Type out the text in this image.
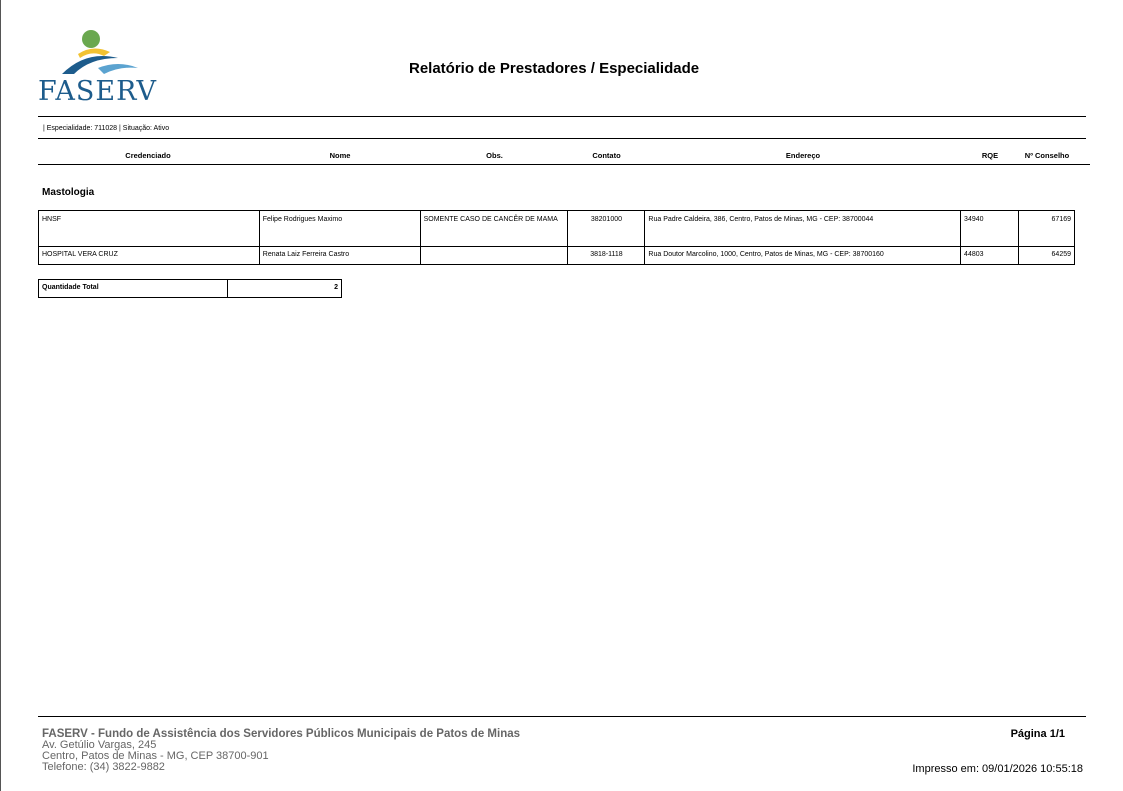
FASERV
Relatório de Prestadores / Especialidade
| Especialidade: 711028 | Situação: Ativo
Credenciado	Nome	Obs.	Contato	Endereço	RQE	Nº Conselho
Mastologia
HNSF	Felipe Rodrigues Maximo	SOMENTE CASO DE CANCÊR DE MAMA	38201000	Rua Padre Caldeira, 386, Centro, Patos de Minas, MG - CEP: 38700044	34940	67169
HOSPITAL VERA CRUZ	Renata Laiz Ferreira Castro		3818-1118	Rua Doutor Marcolino, 1000, Centro, Patos de Minas, MG - CEP: 38700160	44803	64259
Quantidade Total	2
FASERV - Fundo de Assistência dos Servidores Públicos Municipais de Patos de Minas
Av. Getúlio Vargas, 245
Centro, Patos de Minas - MG, CEP 38700-901
Telefone: (34) 3822-9882
Página 1/1
Impresso em: 09/01/2026 10:55:18
